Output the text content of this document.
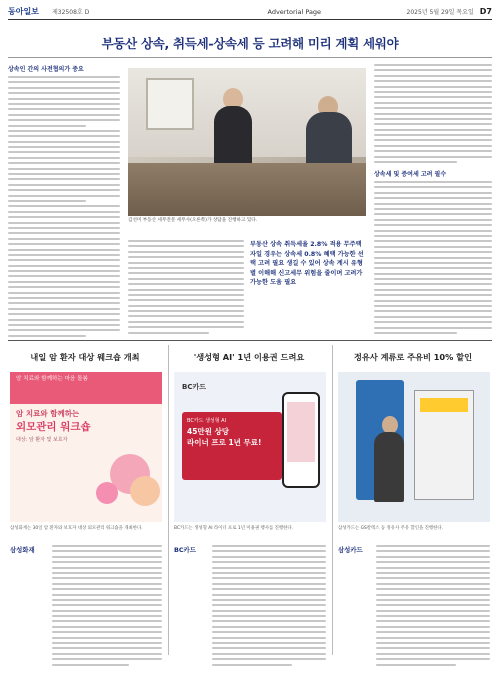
동아일보	제32508호 D	Advertorial Page	2025년 5월 29일 목요일 D7
부동산 상속, 취득세-상속세 등 고려해 미리 계획 세워야
상속인 간의 사전협의가 중요
김선미 부동산 세무전문 세무사(오른쪽)가 상담을 진행하고 있다.
부동산 상속 취득세율 2.8% 적용 무주택자일 경우는 상속세 0.8% 혜택 가능한 선택 고려 필요 생길 수 있어 상속 계시 유형별 이해해 신고세무 위험을 줄이며 고려가 가능한 도움 필요
상속세 및 증여세 고려 필수
내일 암 환자 대상 웨크숍 개최
암 치료와 함께하는 마음 돌봄
암 치료와 함께하는
외모관리 워크숍
대상: 암 환자 및 보호자
삼성화재는 30일 암 환자와 보호자 대상 외모관리 워크숍을 개최한다.
삼성화재
'생성형 AI' 1년 이용권 드려요
BC카드
BC카드 생성형 AI
45만원 상당
라이너 프로 1년 무료!
BC카드는 생성형 AI 라이너 프로 1년 이용권 행사를 진행한다.
BC카드
정유사 계류로 주유비 10% 할인
삼성카드는 GS칼텍스 등 정유사 주유 할인을 진행한다.
삼성카드
